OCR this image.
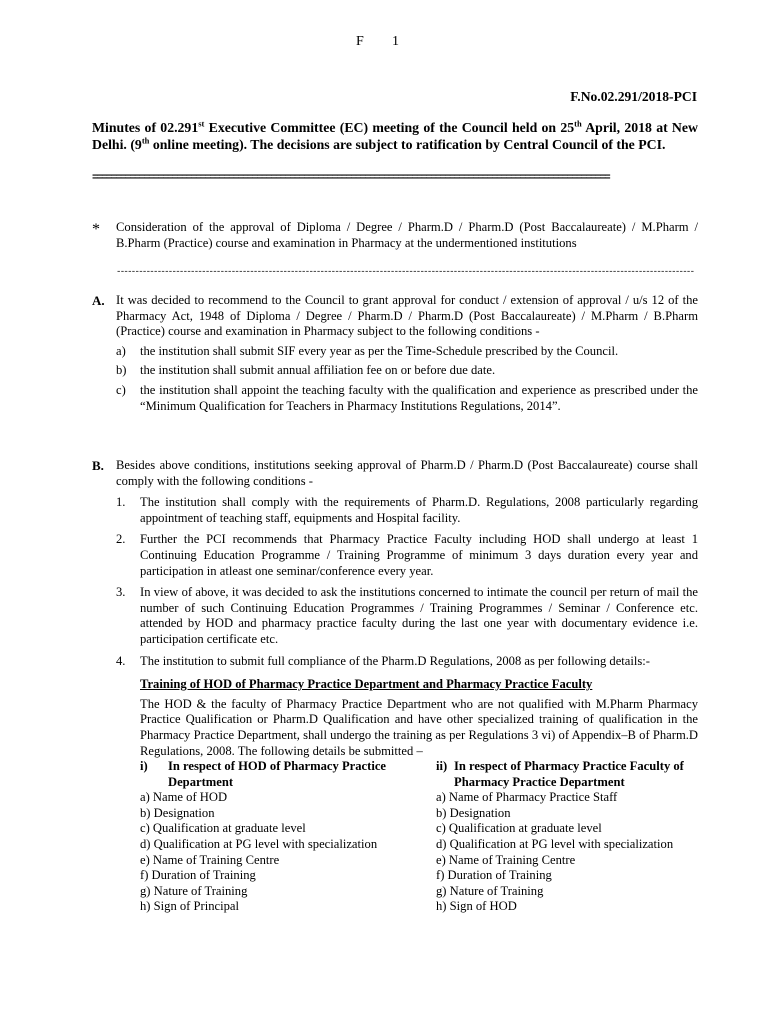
F 1
F.No.02.291/2018-PCI
Minutes of 02.291st Executive Committee (EC) meeting of the Council held on 25th April, 2018 at New Delhi. (9th online meeting). The decisions are subject to ratification by Central Council of the PCI.
==============================================================================================================
*	Consideration of the approval of Diploma / Degree / Pharm.D / Pharm.D (Post Baccalaureate) / M.Pharm / B.Pharm (Practice) course and examination in Pharmacy at the undermentioned institutions
------------------------------------------------------------------------------------------------------------------------------------------------------------
A. It was decided to recommend to the Council to grant approval for conduct / extension of approval / u/s 12 of the Pharmacy Act, 1948 of Diploma / Degree / Pharm.D / Pharm.D (Post Baccalaureate) / M.Pharm / B.Pharm (Practice) course and examination in Pharmacy subject to the following conditions -
a) the institution shall submit SIF every year as per the Time-Schedule prescribed by the Council.
b) the institution shall submit annual affiliation fee on or before due date.
c) the institution shall appoint the teaching faculty with the qualification and experience as prescribed under the “Minimum Qualification for Teachers in Pharmacy Institutions Regulations, 2014”.
B. Besides above conditions, institutions seeking approval of Pharm.D / Pharm.D (Post Baccalaureate) course shall comply with the following conditions -
1. The institution shall comply with the requirements of Pharm.D. Regulations, 2008 particularly regarding appointment of teaching staff, equipments and Hospital facility.
2. Further the PCI recommends that Pharmacy Practice Faculty including HOD shall undergo at least 1 Continuing Education Programme / Training Programme of minimum 3 days duration every year and participation in atleast one seminar/conference every year.
3. In view of above, it was decided to ask the institutions concerned to intimate the council per return of mail the number of such Continuing Education Programmes / Training Programmes / Seminar / Conference etc. attended by HOD and pharmacy practice faculty during the last one year with documentary evidence i.e. participation certificate etc.
4. The institution to submit full compliance of the Pharm.D Regulations, 2008 as per following details:-
Training of HOD of Pharmacy Practice Department and Pharmacy Practice Faculty
The HOD & the faculty of Pharmacy Practice Department who are not qualified with M.Pharm Pharmacy Practice Qualification or Pharm.D Qualification and have other specialized training of qualification in the Pharmacy Practice Department, shall undergo the training as per Regulations 3 vi) of Appendix–B of Pharm.D Regulations, 2008. The following details be submitted –
i) In respect of HOD of Pharmacy Practice Department
a) Name of HOD
b) Designation
c) Qualification at graduate level
d) Qualification at PG level with specialization
e) Name of Training Centre
f) Duration of Training
g) Nature of Training
h) Sign of Principal
ii) In respect of Pharmacy Practice Faculty of Pharmacy Practice Department
a) Name of Pharmacy Practice Staff
b) Designation
c) Qualification at graduate level
d) Qualification at PG level with specialization
e) Name of Training Centre
f) Duration of Training
g) Nature of Training
h) Sign of HOD
